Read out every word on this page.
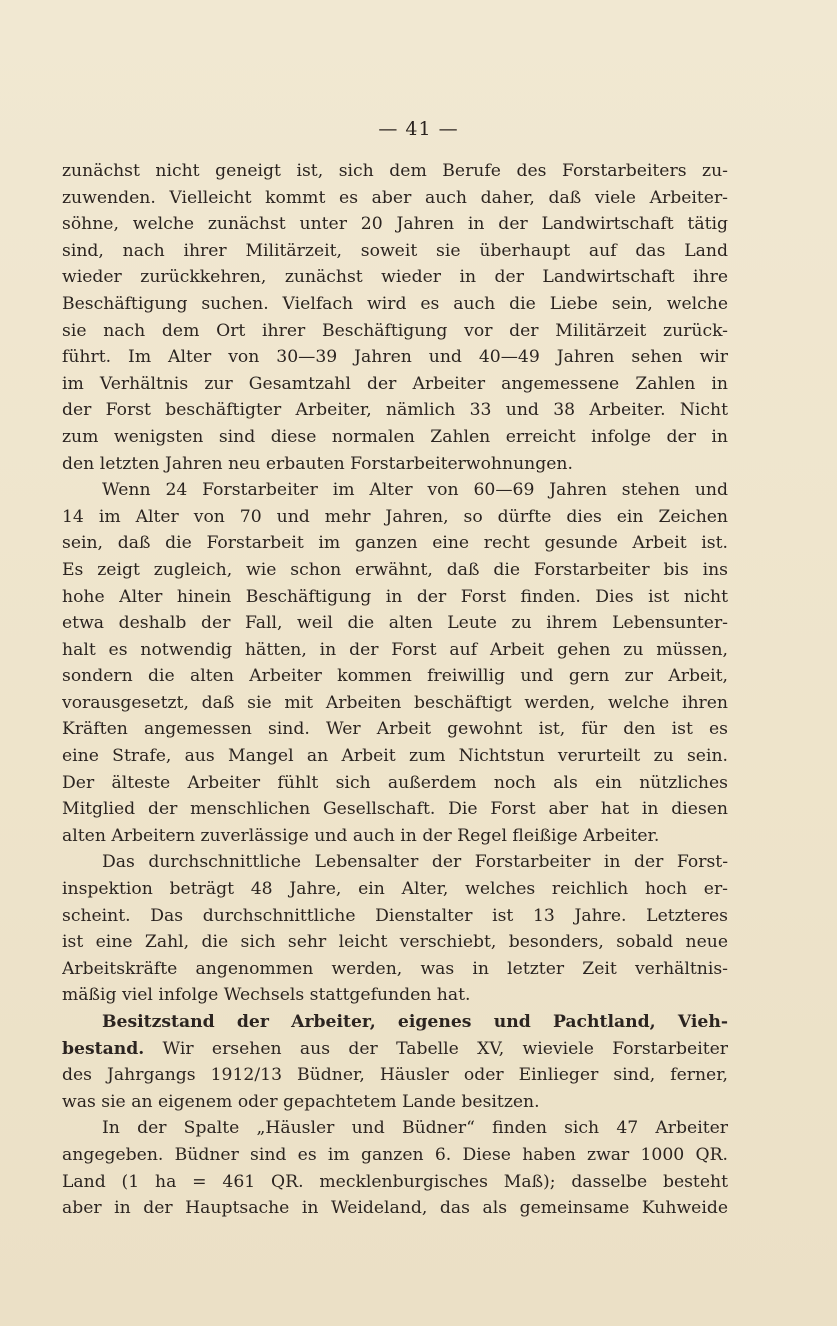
— 41 —
zunächst nicht geneigt ist, sich dem Berufe des Forstarbeiters zu-
zuwenden. Vielleicht kommt es aber auch daher, daß viele Arbeiter-
söhne, welche zunächst unter 20 Jahren in der Landwirtschaft tätig
sind, nach ihrer Militärzeit, soweit sie überhaupt auf das Land
wieder zurückkehren, zunächst wieder in der Landwirtschaft ihre
Beschäftigung suchen. Vielfach wird es auch die Liebe sein, welche
sie nach dem Ort ihrer Beschäftigung vor der Militärzeit zurück-
führt. Im Alter von 30—39 Jahren und 40—49 Jahren sehen wir
im Verhältnis zur Gesamtzahl der Arbeiter angemessene Zahlen in
der Forst beschäftigter Arbeiter, nämlich 33 und 38 Arbeiter. Nicht
zum wenigsten sind diese normalen Zahlen erreicht infolge der in
den letzten Jahren neu erbauten Forstarbeiterwohnungen.
Wenn 24 Forstarbeiter im Alter von 60—69 Jahren stehen und
14 im Alter von 70 und mehr Jahren, so dürfte dies ein Zeichen
sein, daß die Forstarbeit im ganzen eine recht gesunde Arbeit ist.
Es zeigt zugleich, wie schon erwähnt, daß die Forstarbeiter bis ins
hohe Alter hinein Beschäftigung in der Forst finden. Dies ist nicht
etwa deshalb der Fall, weil die alten Leute zu ihrem Lebensunter-
halt es notwendig hätten, in der Forst auf Arbeit gehen zu müssen,
sondern die alten Arbeiter kommen freiwillig und gern zur Arbeit,
vorausgesetzt, daß sie mit Arbeiten beschäftigt werden, welche ihren
Kräften angemessen sind. Wer Arbeit gewohnt ist, für den ist es
eine Strafe, aus Mangel an Arbeit zum Nichtstun verurteilt zu sein.
Der älteste Arbeiter fühlt sich außerdem noch als ein nützliches
Mitglied der menschlichen Gesellschaft. Die Forst aber hat in diesen
alten Arbeitern zuverlässige und auch in der Regel fleißige Arbeiter.
Das durchschnittliche Lebensalter der Forstarbeiter in der Forst-
inspektion beträgt 48 Jahre, ein Alter, welches reichlich hoch er-
scheint. Das durchschnittliche Dienstalter ist 13 Jahre. Letzteres
ist eine Zahl, die sich sehr leicht verschiebt, besonders, sobald neue
Arbeitskräfte angenommen werden, was in letzter Zeit verhältnis-
mäßig viel infolge Wechsels stattgefunden hat.
Besitzstand der Arbeiter, eigenes und Pachtland, Vieh-
bestand. Wir ersehen aus der Tabelle XV, wieviele Forstarbeiter
des Jahrgangs 1912/13 Büdner, Häusler oder Einlieger sind, ferner,
was sie an eigenem oder gepachtetem Lande besitzen.
In der Spalte „Häusler und Büdner“ finden sich 47 Arbeiter
angegeben. Büdner sind es im ganzen 6. Diese haben zwar 1000 QR.
Land (1 ha = 461 QR. mecklenburgisches Maß); dasselbe besteht
aber in der Hauptsache in Weideland, das als gemeinsame Kuhweide
